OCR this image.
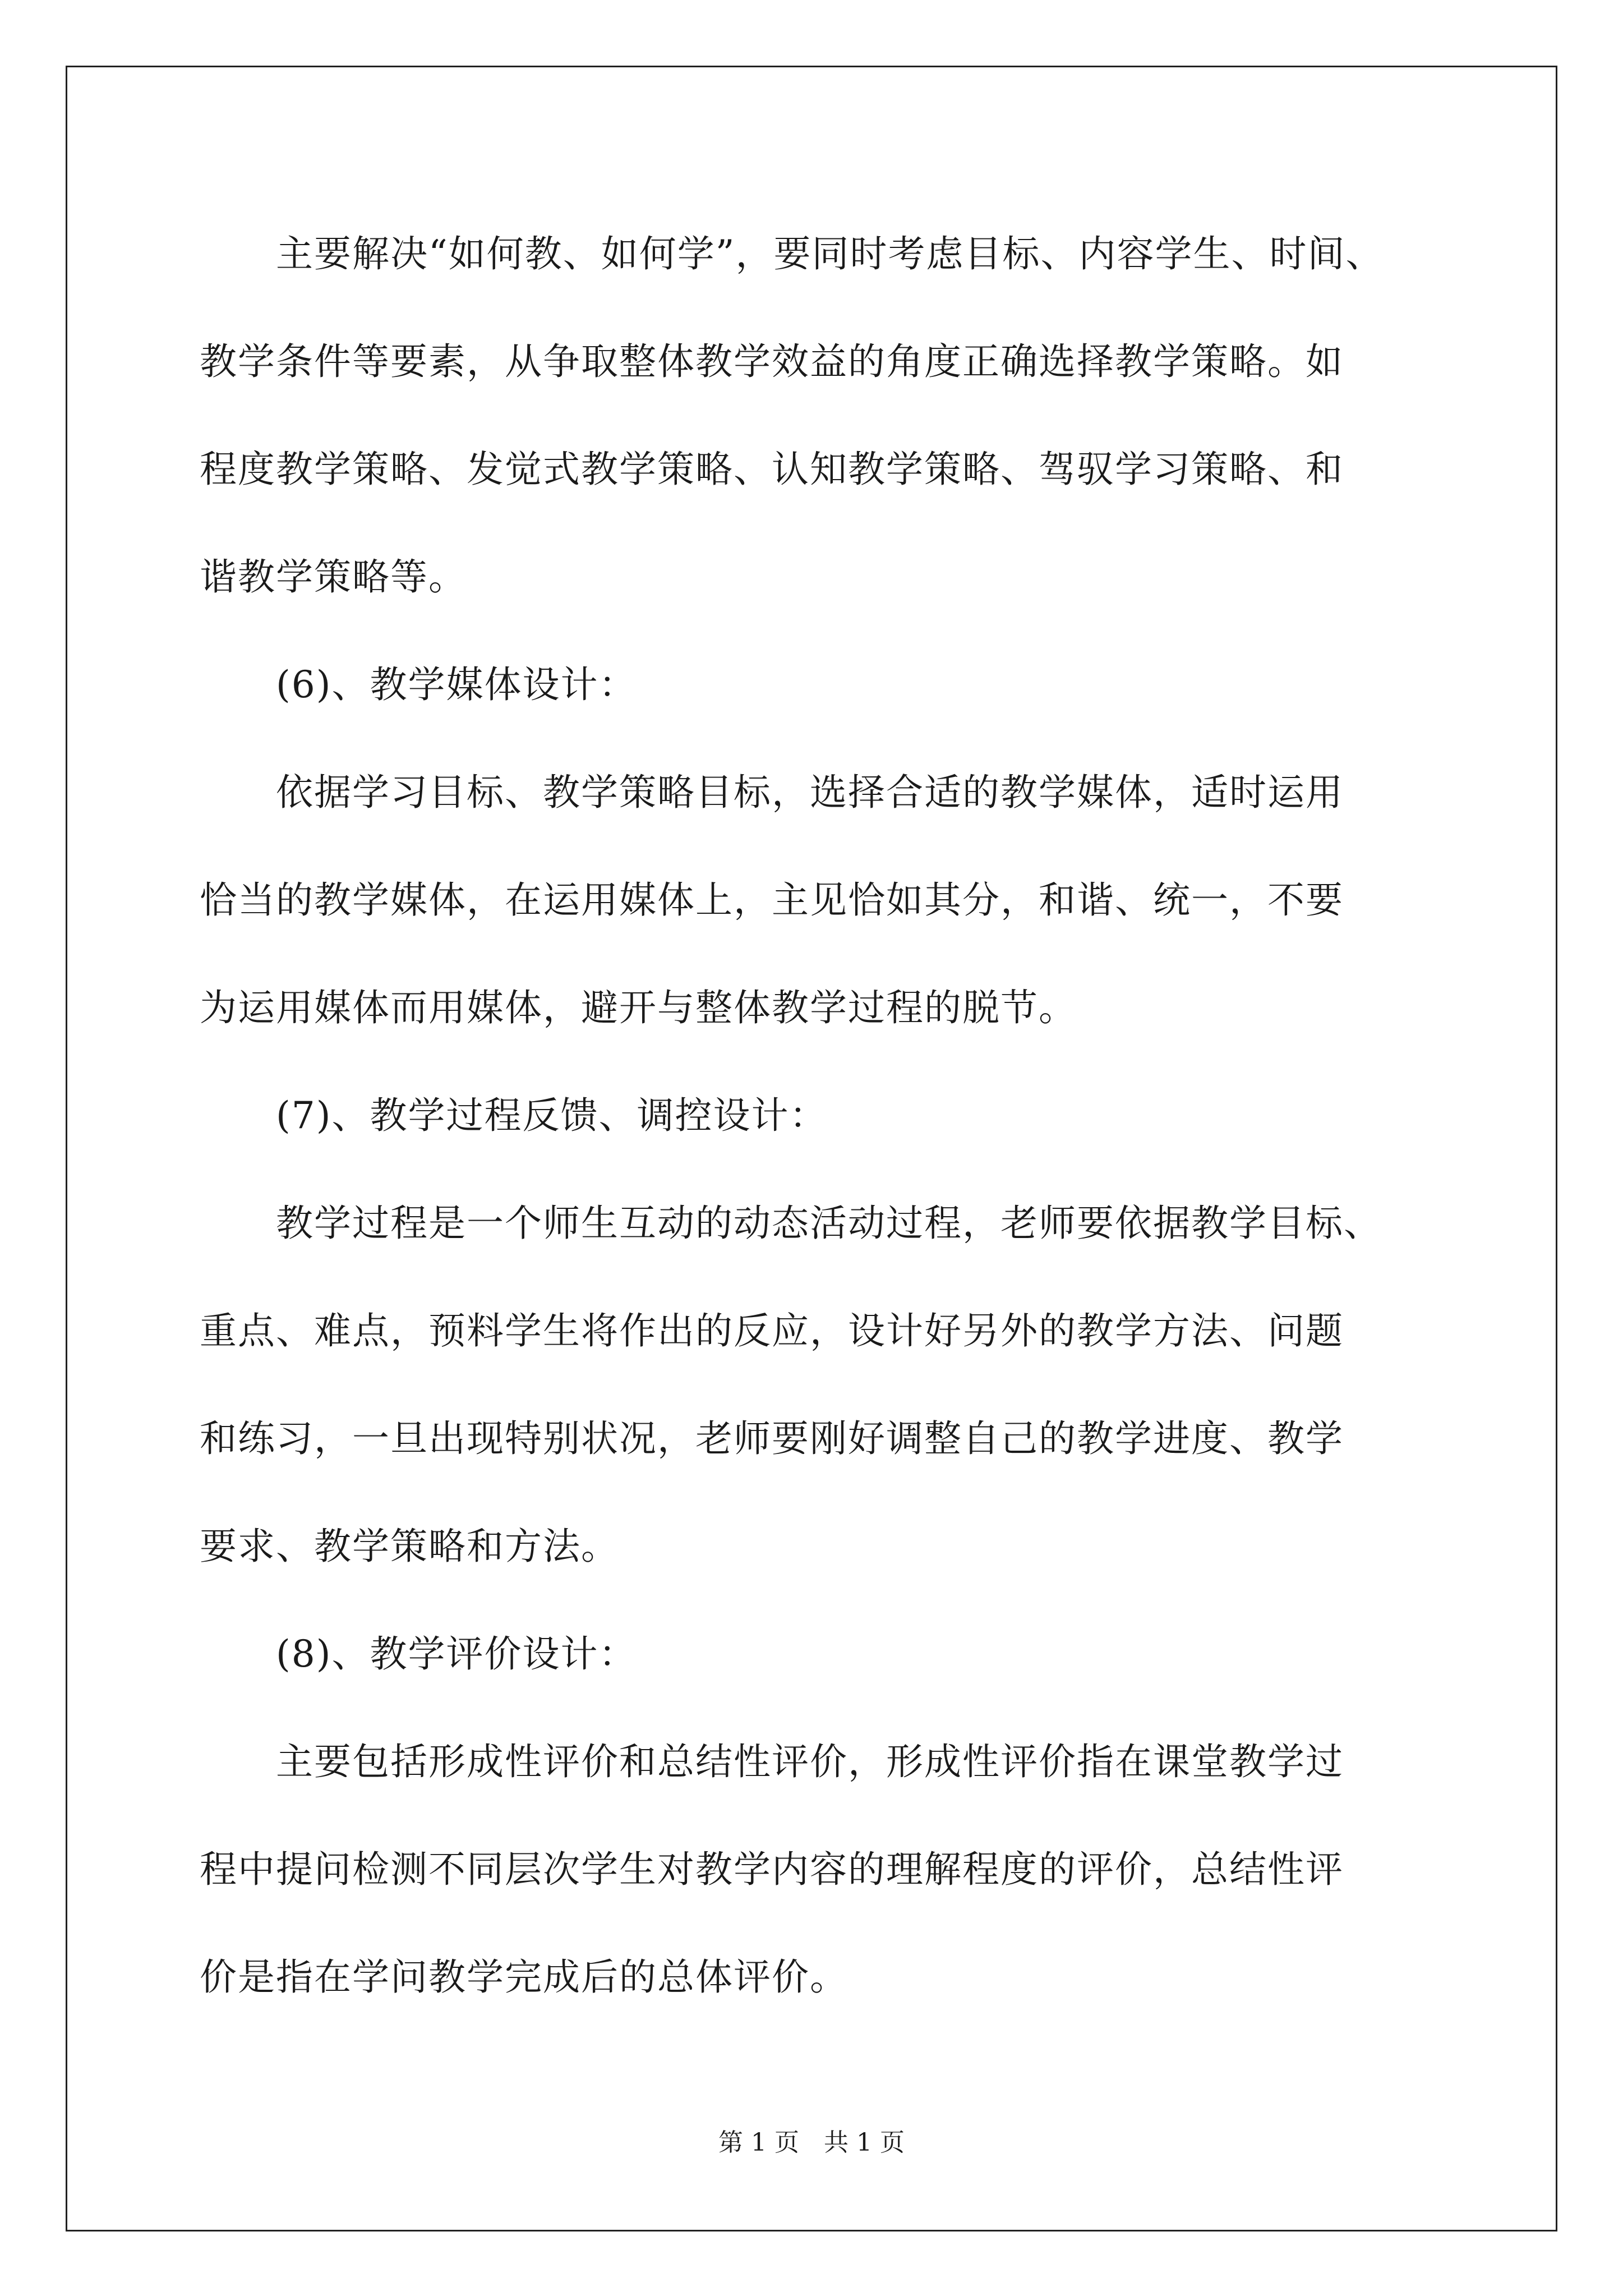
　　主要解决“如何教、如何学”，要同时考虑目标、内容学生、时间、
教学条件等要素，从争取整体教学效益的角度正确选择教学策略。如
程度教学策略、发觉式教学策略、认知教学策略、驾驭学习策略、和
谐教学策略等。
　　(6)、教学媒体设计：
　　依据学习目标、教学策略目标，选择合适的教学媒体，适时运用
恰当的教学媒体，在运用媒体上，主见恰如其分，和谐、统一，不要
为运用媒体而用媒体，避开与整体教学过程的脱节。
　　(7)、教学过程反馈、调控设计：
　　教学过程是一个师生互动的动态活动过程，老师要依据教学目标、
重点、难点，预料学生将作出的反应，设计好另外的教学方法、问题
和练习，一旦出现特别状况，老师要刚好调整自己的教学进度、教学
要求、教学策略和方法。
　　(8)、教学评价设计：
　　主要包括形成性评价和总结性评价，形成性评价指在课堂教学过
程中提问检测不同层次学生对教学内容的理解程度的评价，总结性评
价是指在学问教学完成后的总体评价。
第 1 页　共 1 页
